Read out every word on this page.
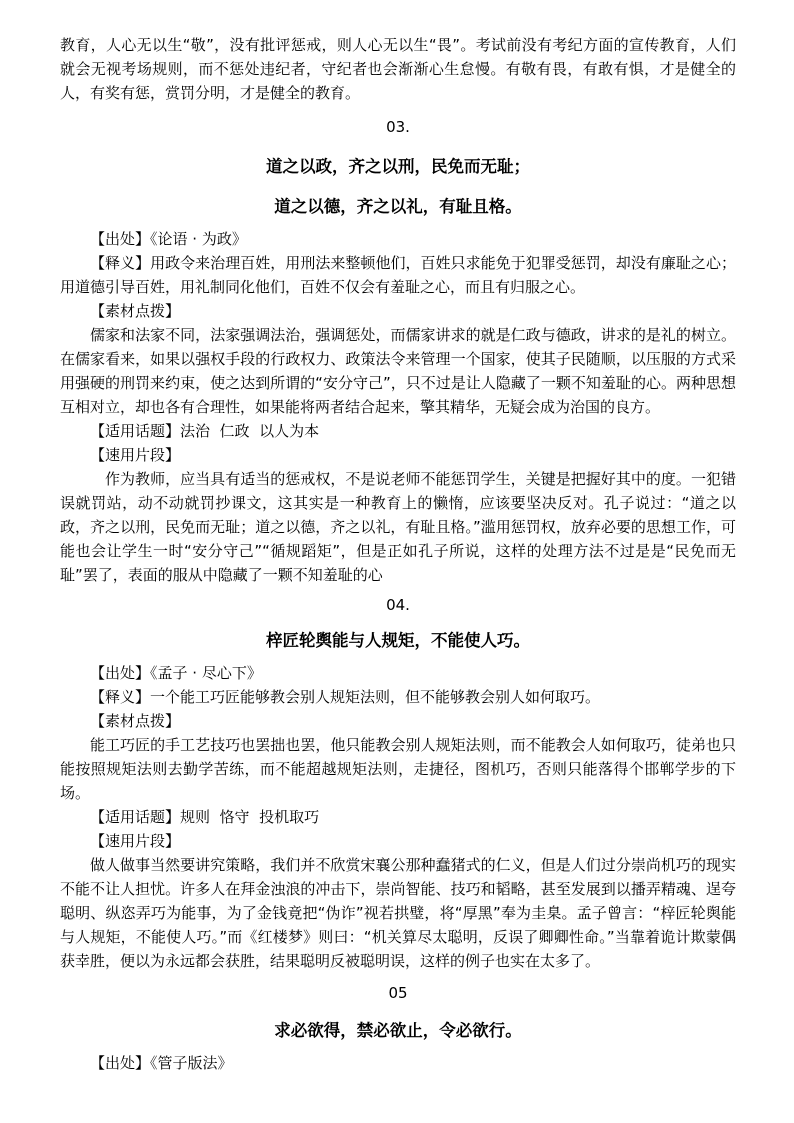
教育，人心无以生“敬”，没有批评惩戒，则人心无以生“畏”。考试前没有考纪方面的宣传教育，人们就会无视考场规则，而不惩处违纪者，守纪者也会渐渐心生怠慢。有敬有畏，有敢有惧，才是健全的人，有奖有惩，赏罚分明，才是健全的教育。

03.

道之以政，齐之以刑，民免而无耻；

道之以德，齐之以礼，有耻且格。

【出处】《论语 · 为政》

【释义】用政令来治理百姓，用刑法来整顿他们，百姓只求能免于犯罪受惩罚，却没有廉耻之心；用道德引导百姓，用礼制同化他们，百姓不仅会有羞耻之心，而且有归服之心。

【素材点拨】

儒家和法家不同，法家强调法治，强调惩处，而儒家讲求的就是仁政与德政，讲求的是礼的树立。在儒家看来，如果以强权手段的行政权力、政策法令来管理一个国家，使其子民随顺，以压服的方式采用强硬的刑罚来约束，使之达到所谓的“安分守己”，只不过是让人隐藏了一颗不知羞耻的心。两种思想互相对立，却也各有合理性，如果能将两者结合起来，擎其精华，无疑会成为治国的良方。

【适用话题】法治  仁政  以人为本

【速用片段】

作为教师，应当具有适当的惩戒权，不是说老师不能惩罚学生，关键是把握好其中的度。一犯错误就罚站，动不动就罚抄课文，这其实是一种教育上的懒惰，应该要坚决反对。孔子说过：“道之以政，齐之以刑，民免而无耻；道之以德，齐之以礼，有耻且格。”滥用惩罚权，放弃必要的思想工作，可能也会让学生一时“安分守己”“循规蹈矩”，但是正如孔子所说，这样的处理方法不过是是“民免而无耻”罢了，表面的服从中隐藏了一颗不知羞耻的心

04.

梓匠轮舆能与人规矩，不能使人巧。

【出处】《孟子 · 尽心下》

【释义】一个能工巧匠能够教会别人规矩法则，但不能够教会别人如何取巧。

【素材点拨】

能工巧匠的手工艺技巧也罢拙也罢，他只能教会别人规矩法则，而不能教会人如何取巧，徒弟也只能按照规矩法则去勤学苦练，而不能超越规矩法则，走捷径，图机巧，否则只能落得个邯郸学步的下场。

【适用话题】规则  恪守  投机取巧

【速用片段】

做人做事当然要讲究策略，我们并不欣赏宋襄公那种蠢猪式的仁义，但是人们过分崇尚机巧的现实不能不让人担忧。许多人在拜金浊浪的冲击下，崇尚智能、技巧和韬略，甚至发展到以播弄精魂、逞夸聪明、纵恣弄巧为能事，为了金钱竟把“伪诈”视若拱璧，将“厚黑”奉为圭臬。孟子曾言：“梓匠轮舆能与人规矩，不能使人巧。”而《红楼梦》则曰：“机关算尽太聪明，反误了卿卿性命。”当靠着诡计欺蒙偶获幸胜，便以为永远都会获胜，结果聪明反被聪明误，这样的例子也实在太多了。

05

求必欲得，禁必欲止，令必欲行。

【出处】《管子版法》
